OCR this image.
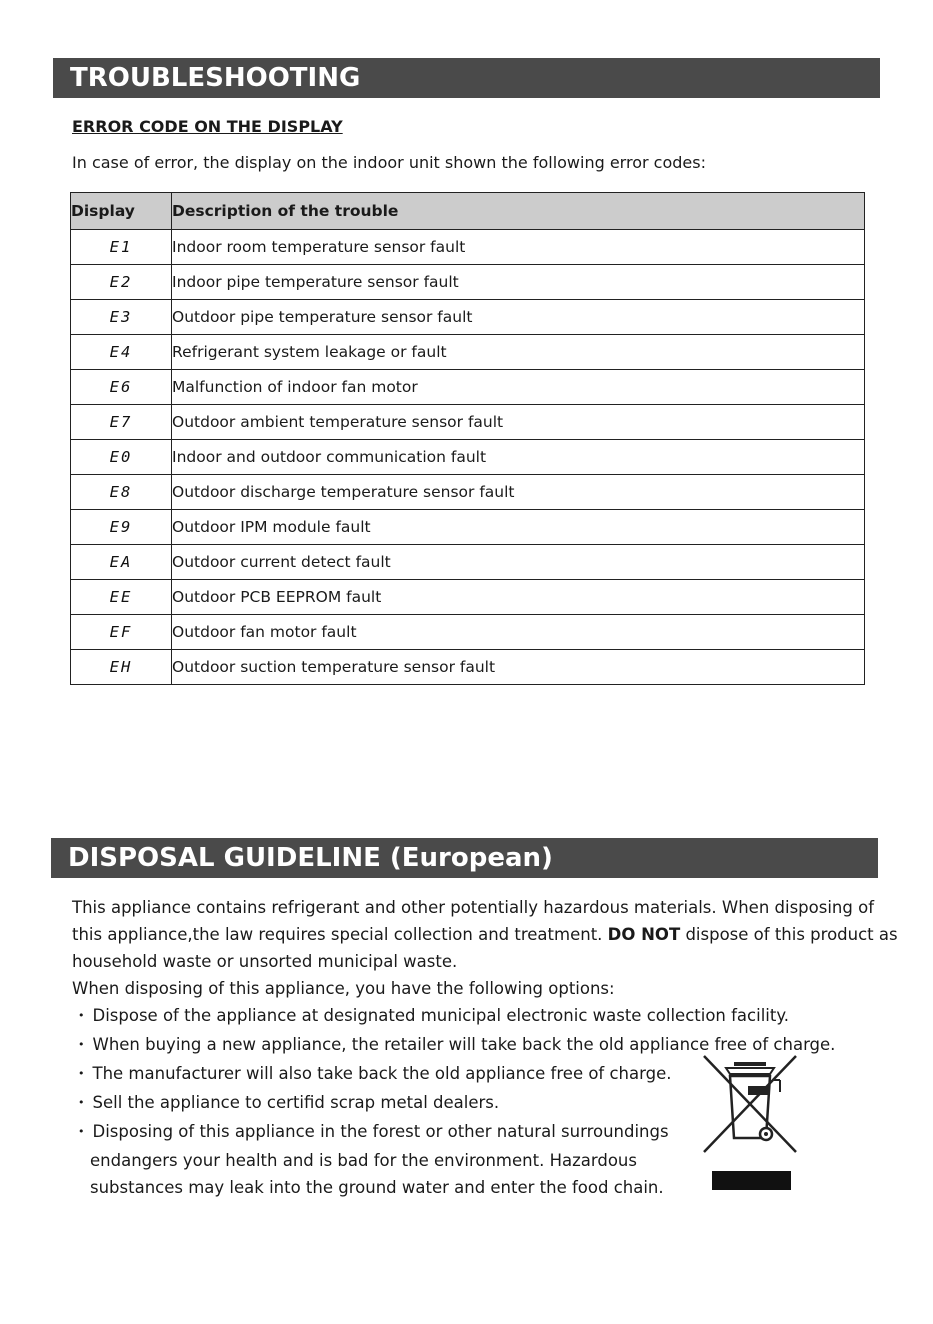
TROUBLESHOOTING
ERROR CODE ON THE DISPLAY
In case of error, the display on the indoor unit shown the following error codes:
Display	Description of the trouble
E1	Indoor room temperature sensor fault
E2	Indoor pipe temperature sensor fault
E3	Outdoor pipe temperature sensor fault
E4	Refrigerant system leakage or fault
E6	Malfunction of indoor fan motor
E7	Outdoor ambient temperature sensor fault
E0	Indoor and outdoor communication fault
E8	Outdoor discharge temperature sensor fault
E9	Outdoor IPM module fault
EA	Outdoor current detect fault
EE	Outdoor PCB EEPROM fault
EF	Outdoor fan motor fault
EH	Outdoor suction temperature sensor fault
DISPOSAL GUIDELINE (European)
This appliance contains refrigerant and other potentially hazardous materials. When disposing of
this appliance,the law requires special collection and treatment. DO NOT dispose of this product as
household waste or unsorted municipal waste.
When disposing of this appliance, you have the following options:
• Dispose of the appliance at designated municipal electronic waste collection facility.
• When buying a new appliance, the retailer will take back the old appliance free of charge.
• The manufacturer will also take back the old appliance free of charge.
• Sell the appliance to certifid scrap metal dealers.
• Disposing of this appliance in the forest or other natural surroundings
endangers your health and is bad for the environment. Hazardous
substances may leak into the ground water and enter the food chain.
